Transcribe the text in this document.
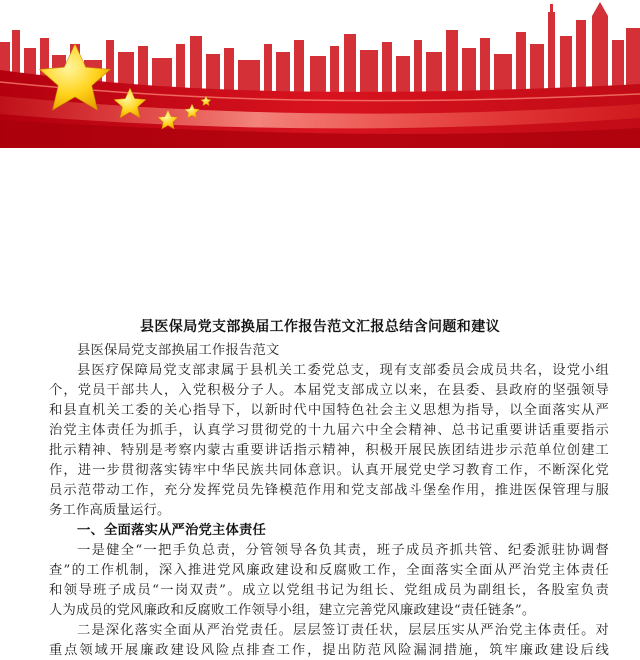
县医保局党支部换届工作报告范文汇报总结含问题和建议
县医保局党支部换届工作报告范文
县医疗保障局党支部隶属于县机关工委党总支，现有支部委员会成员共名，设党小组
个，党员干部共人，入党积极分子人。本届党支部成立以来，在县委、县政府的坚强领导
和县直机关工委的关心指导下，以新时代中国特色社会主义思想为指导，以全面落实从严
治党主体责任为抓手，认真学习贯彻党的十九届六中全会精神、总书记重要讲话重要指示
批示精神、特别是考察内蒙古重要讲话指示精神，积极开展民族团结进步示范单位创建工
作，进一步贯彻落实铸牢中华民族共同体意识。认真开展党史学习教育工作，不断深化党
员示范带动工作，充分发挥党员先锋模范作用和党支部战斗堡垒作用，推进医保管理与服
务工作高质量运行。
一、全面落实从严治党主体责任
一是健全“一把手负总责，分管领导各负其责，班子成员齐抓共管、纪委派驻协调督
查”的工作机制，深入推进党风廉政建设和反腐败工作，全面落实全面从严治党主体责任
和领导班子成员“一岗双责”。成立以党组书记为组长、党组成员为副组长，各股室负责
人为成员的党风廉政和反腐败工作领导小组，建立完善党风廉政建设“责任链条”。
二是深化落实全面从严治党责任。层层签订责任状，层层压实从严治党主体责任。对
重点领域开展廉政建设风险点排查工作，提出防范风险漏洞措施，筑牢廉政建设后线
